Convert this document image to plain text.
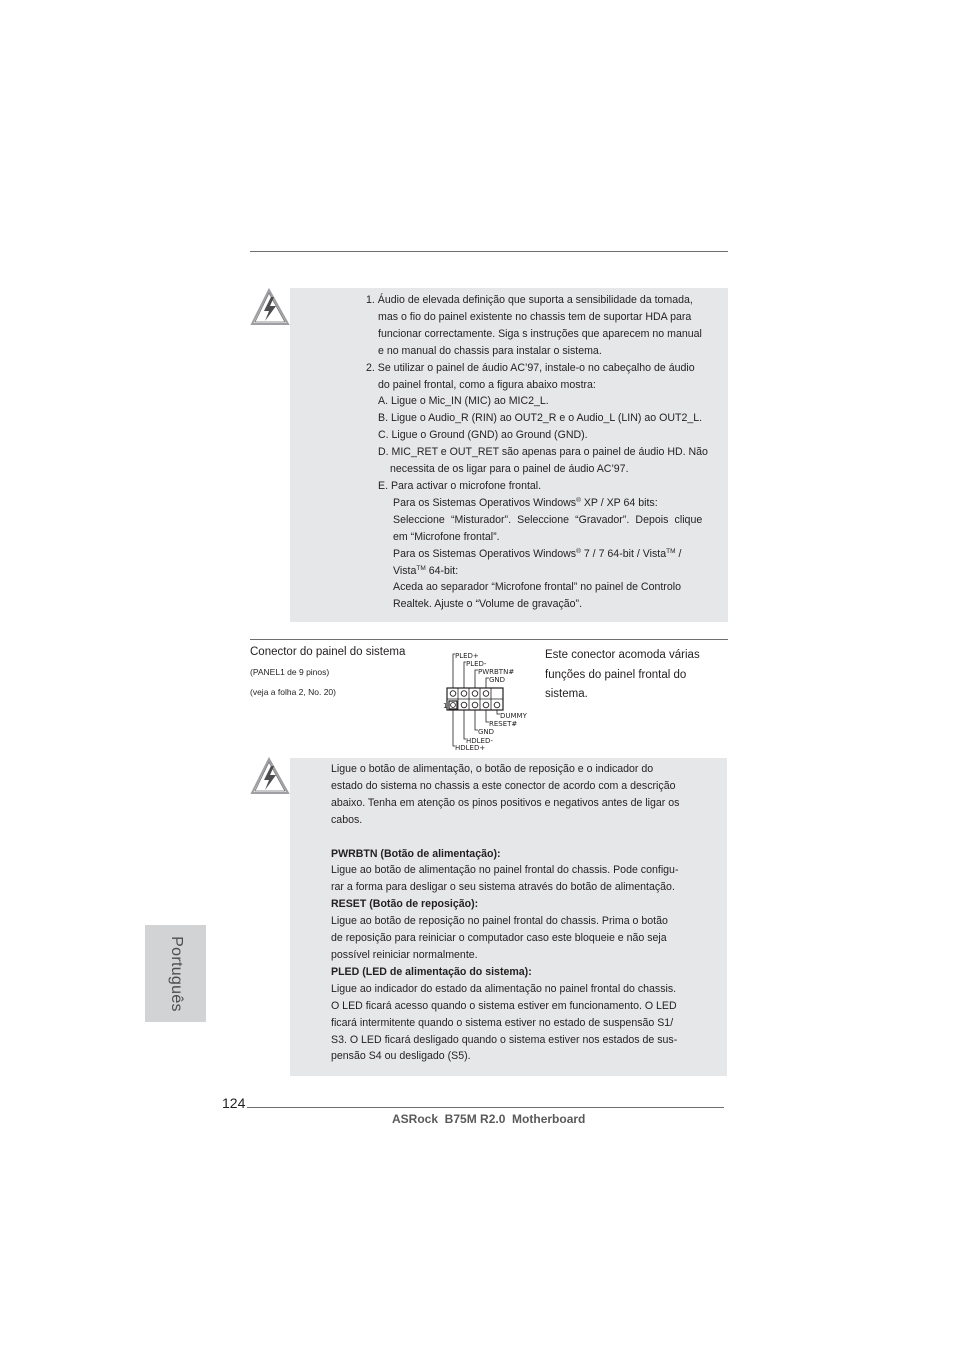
1. Áudio de elevada definição que suporta a sensibilidade da tomada,

mas o fio do painel existente no chassis tem de suportar HDA para

funcionar correctamente. Siga s instruções que aparecem no manual

e no manual do chassis para instalar o sistema.

2. Se utilizar o painel de áudio AC’97, instale-o no cabeçalho de áudio

do painel frontal, como a figura abaixo mostra:

A. Ligue o Mic_IN (MIC) ao MIC2_L.

B. Ligue o Audio_R (RIN) ao OUT2_R e o Audio_L (LIN) ao OUT2_L.

C. Ligue o Ground (GND) ao Ground (GND).

D. MIC_RET e OUT_RET são apenas para o painel de áudio HD. Não

necessita de os ligar para o painel de áudio AC’97.

E. Para activar o microfone frontal.

Para os Sistemas Operativos Windows® XP / XP 64 bits:

Seleccione “Misturador”. Seleccione “Gravador”. Depois clique

em “Microfone frontal”.

Para os Sistemas Operativos Windows® 7 / 7 64-bit / Vista™ /

Vista™ 64-bit:

Aceda ao separador “Microfone frontal” no painel de Controlo

Realtek. Ajuste o “Volume de gravação”.

Conector do painel do sistema
(PANEL1 de 9 pinos)
(veja a folha 2, No. 20)
Este conector acomoda várias
funções do painel frontal do
sistema.
1
PLED+
PLED-
PWRBTN#
GND
DUMMY
RESET#
GND
HDLED-
HDLED+

Ligue o botão de alimentação, o botão de reposição e o indicador do

estado do sistema no chassis a este conector de acordo com a descrição

abaixo. Tenha em atenção os pinos positivos e negativos antes de ligar os

cabos.

PWRBTN (Botão de alimentação):

Ligue ao botão de alimentação no painel frontal do chassis. Pode configu-

rar a forma para desligar o seu sistema através do botão de alimentação.

RESET (Botão de reposição):

Ligue ao botão de reposição no painel frontal do chassis. Prima o botão

de reposição para reiniciar o computador caso este bloqueie e não seja

possível reiniciar normalmente.

PLED (LED de alimentação do sistema):

Ligue ao indicador do estado da alimentação no painel frontal do chassis.

O LED ficará acesso quando o sistema estiver em funcionamento. O LED

ficará intermitente quando o sistema estiver no estado de suspensão S1/

S3. O LED ficará desligado quando o sistema estiver nos estados de sus-

pensão S4 ou desligado (S5).

Português
124
ASRock  B75M R2.0  Motherboard
